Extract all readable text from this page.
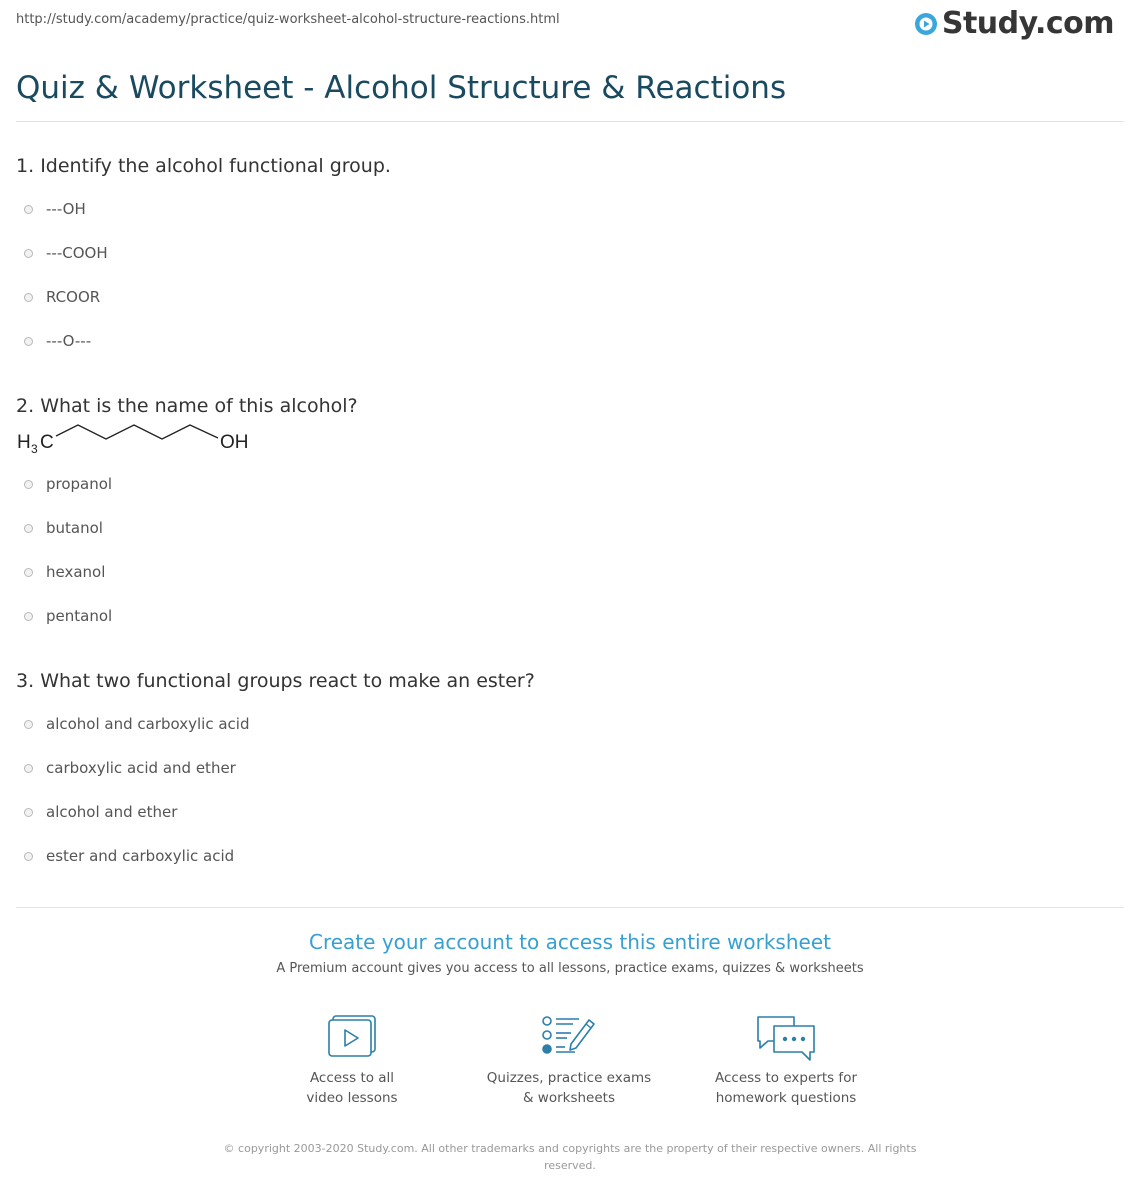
http://study.com/academy/practice/quiz-worksheet-alcohol-structure-reactions.html	Study.com
Quiz & Worksheet - Alcohol Structure & Reactions
1. Identify the alcohol functional group.
---OH
---COOH
RCOOR
---O---
2. What is the name of this alcohol?
H 3 C	OH
propanol
butanol
hexanol
pentanol
3. What two functional groups react to make an ester?
alcohol and carboxylic acid
carboxylic acid and ether
alcohol and ether
ester and carboxylic acid
Create your account to access this entire worksheet
A Premium account gives you access to all lessons, practice exams, quizzes & worksheets
Access to all
video lessons
Quizzes, practice exams
& worksheets
Access to experts for
homework questions
© copyright 2003-2020 Study.com. All other trademarks and copyrights are the property of their respective owners. All rights reserved.
